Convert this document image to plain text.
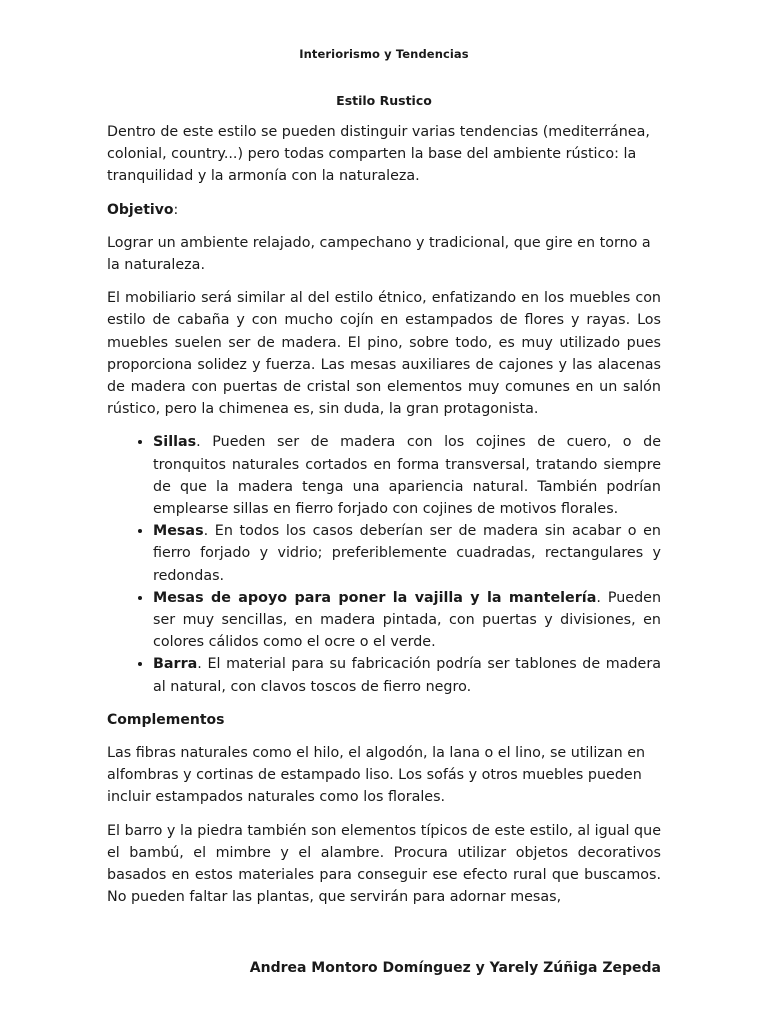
Interiorismo y Tendencias
Estilo Rustico

Dentro de este estilo se pueden distinguir varias tendencias (mediterránea, colonial, country...) pero todas comparten la base del ambiente rústico: la tranquilidad y la armonía con la naturaleza.

Objetivo:

Lograr un ambiente relajado, campechano y tradicional, que gire en torno a la naturaleza.

El mobiliario será similar al del estilo étnico, enfatizando en los muebles con estilo de cabaña y con mucho cojín en estampados de flores y rayas. Los muebles suelen ser de madera. El pino, sobre todo, es muy utilizado pues proporciona solidez y fuerza. Las mesas auxiliares de cajones y las alacenas de madera con puertas de cristal son elementos muy comunes en un salón rústico, pero la chimenea es, sin duda, la gran protagonista.

• Sillas. Pueden ser de madera con los cojines de cuero, o de tronquitos naturales cortados en forma transversal, tratando siempre de que la madera tenga una apariencia natural. También podrían emplearse sillas en fierro forjado con cojines de motivos florales.
• Mesas. En todos los casos deberían ser de madera sin acabar o en fierro forjado y vidrio; preferiblemente cuadradas, rectangulares y redondas.
• Mesas de apoyo para poner la vajilla y la mantelería. Pueden ser muy sencillas, en madera pintada, con puertas y divisiones, en colores cálidos como el ocre o el verde.
• Barra. El material para su fabricación podría ser tablones de madera al natural, con clavos toscos de fierro negro.

Complementos

Las fibras naturales como el hilo, el algodón, la lana o el lino, se utilizan en alfombras y cortinas de estampado liso. Los sofás y otros muebles pueden incluir estampados naturales como los florales.

El barro y la piedra también son elementos típicos de este estilo, al igual que el bambú, el mimbre y el alambre. Procura utilizar objetos decorativos basados en estos materiales para conseguir ese efecto rural que buscamos. No pueden faltar las plantas, que servirán para adornar mesas,

Andrea Montoro Domínguez y Yarely Zúñiga Zepeda
